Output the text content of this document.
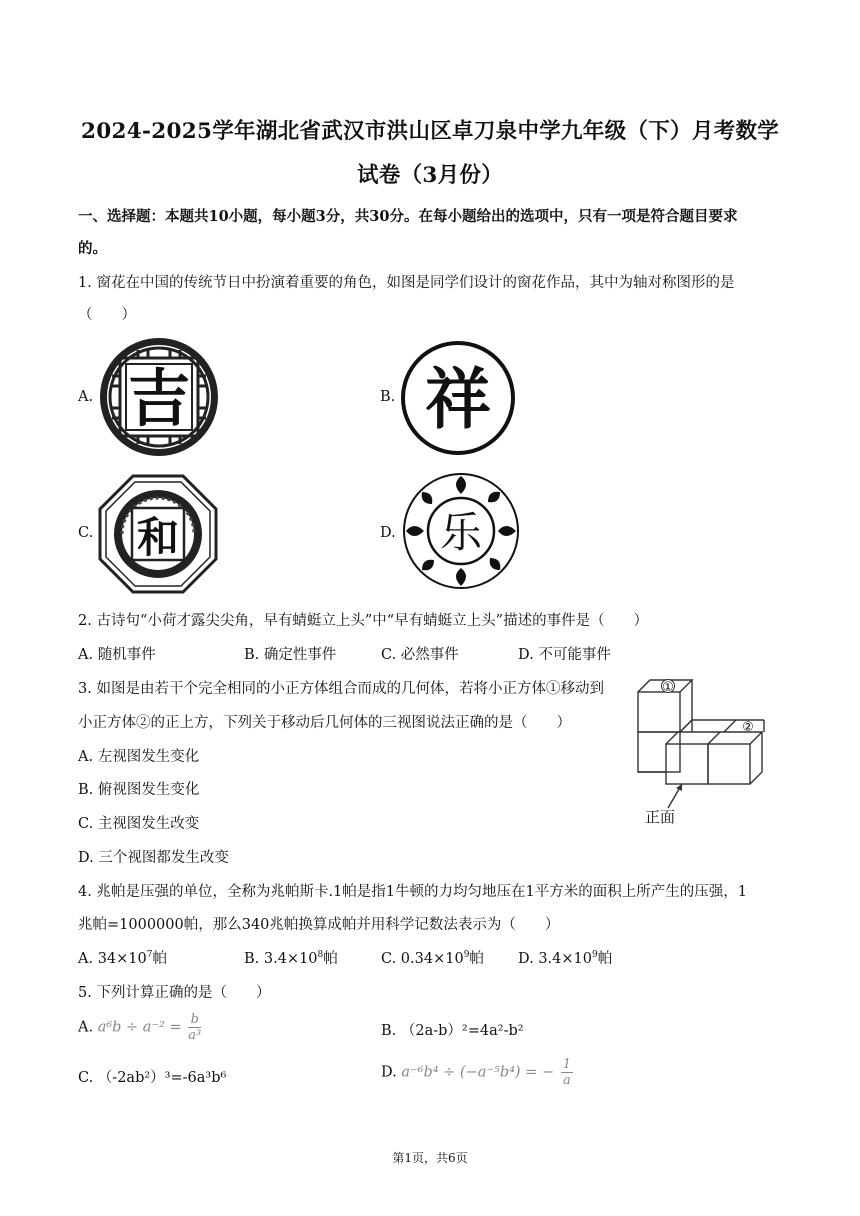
2024-2025学年湖北省武汉市洪山区卓刀泉中学九年级（下）月考数学
试卷（3月份）
一、选择题：本题共10小题，每小题3分，共30分。在每小题给出的选项中，只有一项是符合题目要求
的。
1. 窗花在中国的传统节日中扮演着重要的角色，如图是同学们设计的窗花作品，其中为轴对称图形的是
（　　）
A. 吉	B. 祥
C. 和	D. 乐
2. 古诗句“小荷才露尖尖角，早有蜻蜓立上头”中“早有蜻蜓立上头”描述的事件是（　　）
A. 随机事件	B. 确定性事件	C. 必然事件	D. 不可能事件
3. 如图是由若干个完全相同的小正方体组合而成的几何体，若将小正方体①移动到
小正方体②的正上方，下列关于移动后几何体的三视图说法正确的是（　　）
A. 左视图发生变化
B. 俯视图发生变化
C. 主视图发生改变
D. 三个视图都发生改变
①
②
正面
4. 兆帕是压强的单位，全称为兆帕斯卡.1帕是指1牛顿的力均匀地压在1平方米的面积上所产生的压强，1
兆帕=1000000帕，那么340兆帕换算成帕并用科学记数法表示为（　　）
A. $34\times 10^7$帕	B. $3.4\times 10^8$帕	C. $0.34\times 10^9$帕 D. $3.4\times 10^9$帕
5. 下列计算正确的是（　　）
A. $a^6b \div a^{-2} = \frac{b}{\text{a³}}$	B. （2a-b）²=4a²-b²
C. （-2ab²）³=-6a³b⁶	D. a⁻⁶b⁴ ÷ (−a⁻⁵b⁴) = − $\frac{1}{a}$
第1页，共6页
